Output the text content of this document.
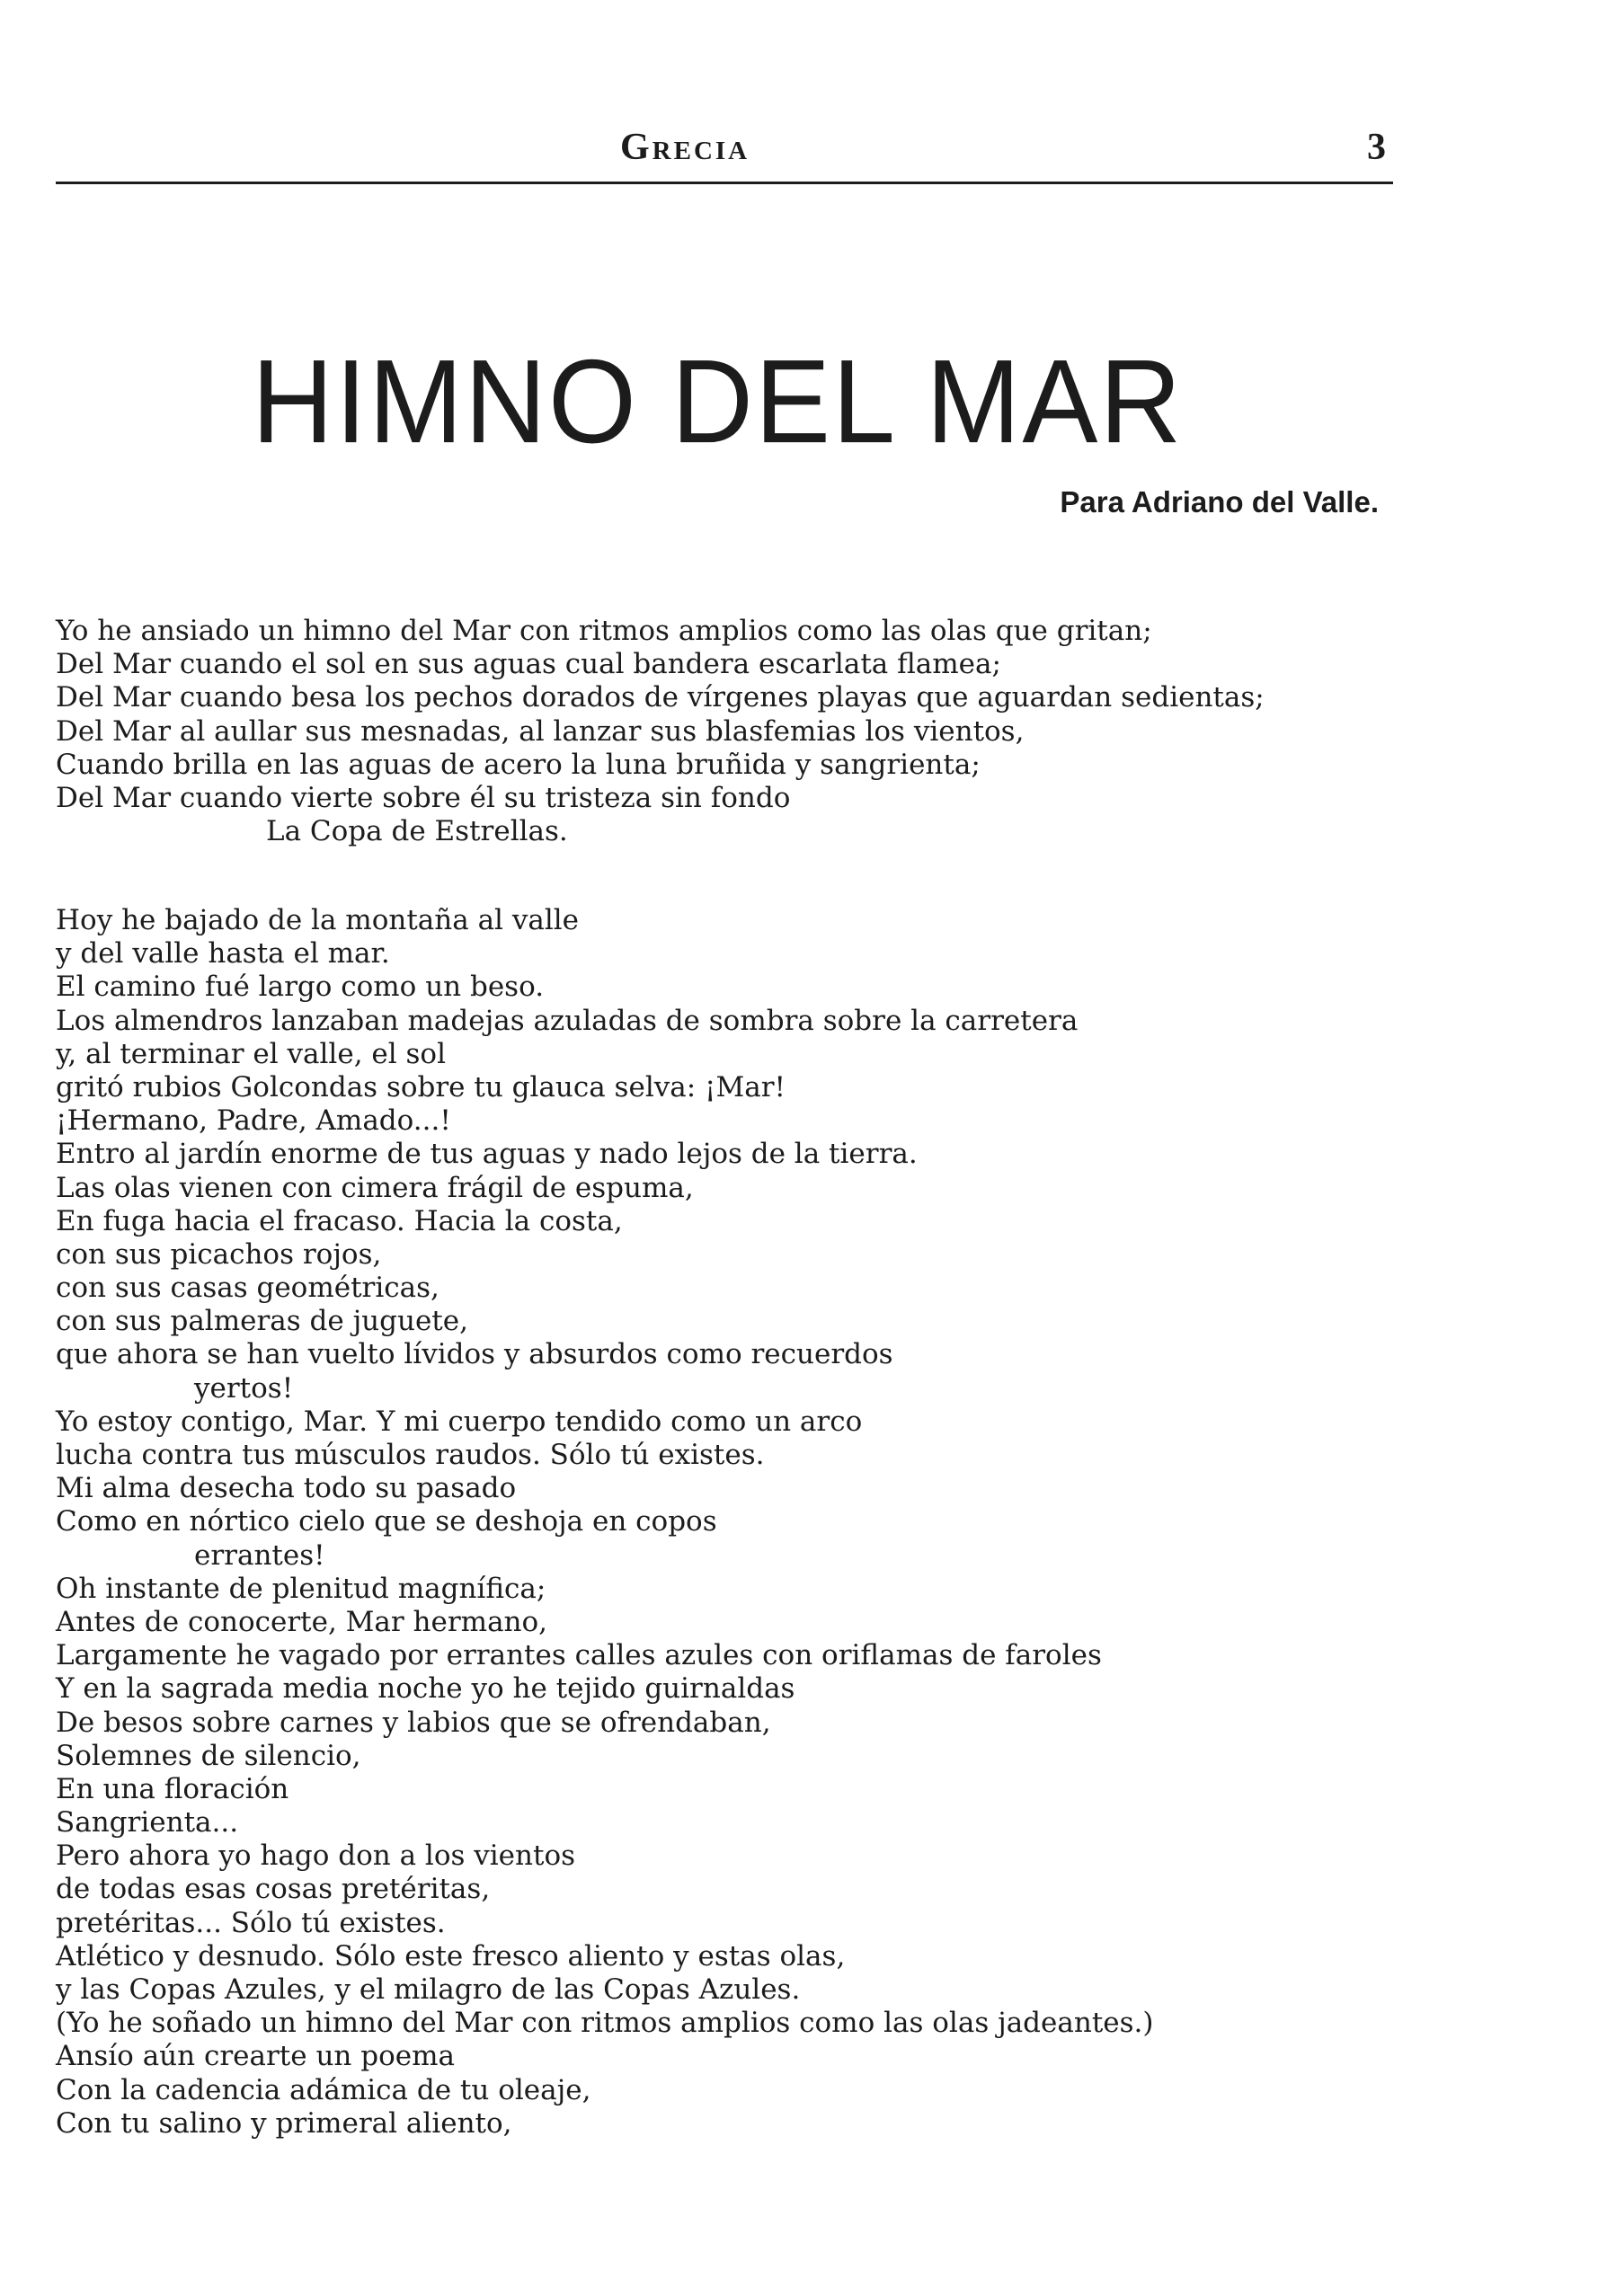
Grecia	3
HIMNO DEL MAR
Para Adriano del Valle.
Yo he ansiado un himno del Mar con ritmos amplios como las olas que gritan;
Del Mar cuando el sol en sus aguas cual bandera escarlata flamea;
Del Mar cuando besa los pechos dorados de vírgenes playas que aguardan sedientas;
Del Mar al aullar sus mesnadas, al lanzar sus blasfemias los vientos,
Cuando brilla en las aguas de acero la luna bruñida y sangrienta;
Del Mar cuando vierte sobre él su tristeza sin fondo
La Copa de Estrellas.
Hoy he bajado de la montaña al valle
y del valle hasta el mar.
El camino fué largo como un beso.
Los almendros lanzaban madejas azuladas de sombra sobre la carretera
y, al terminar el valle, el sol
gritó rubios Golcondas sobre tu glauca selva: ¡Mar!
¡Hermano, Padre, Amado...!
Entro al jardín enorme de tus aguas y nado lejos de la tierra.
Las olas vienen con cimera frágil de espuma,
En fuga hacia el fracaso. Hacia la costa,
con sus picachos rojos,
con sus casas geométricas,
con sus palmeras de juguete,
que ahora se han vuelto lívidos y absurdos como recuerdos
yertos!
Yo estoy contigo, Mar. Y mi cuerpo tendido como un arco
lucha contra tus músculos raudos. Sólo tú existes.
Mi alma desecha todo su pasado
Como en nórtico cielo que se deshoja en copos
errantes!
Oh instante de plenitud magnífica;
Antes de conocerte, Mar hermano,
Largamente he vagado por errantes calles azules con oriflamas de faroles
Y en la sagrada media noche yo he tejido guirnaldas
De besos sobre carnes y labios que se ofrendaban,
Solemnes de silencio,
En una floración
Sangrienta...
Pero ahora yo hago don a los vientos
de todas esas cosas pretéritas,
pretéritas... Sólo tú existes.
Atlético y desnudo. Sólo este fresco aliento y estas olas,
y las Copas Azules, y el milagro de las Copas Azules.
(Yo he soñado un himno del Mar con ritmos amplios como las olas jadeantes.)
Ansío aún crearte un poema
Con la cadencia adámica de tu oleaje,
Con tu salino y primeral aliento,
